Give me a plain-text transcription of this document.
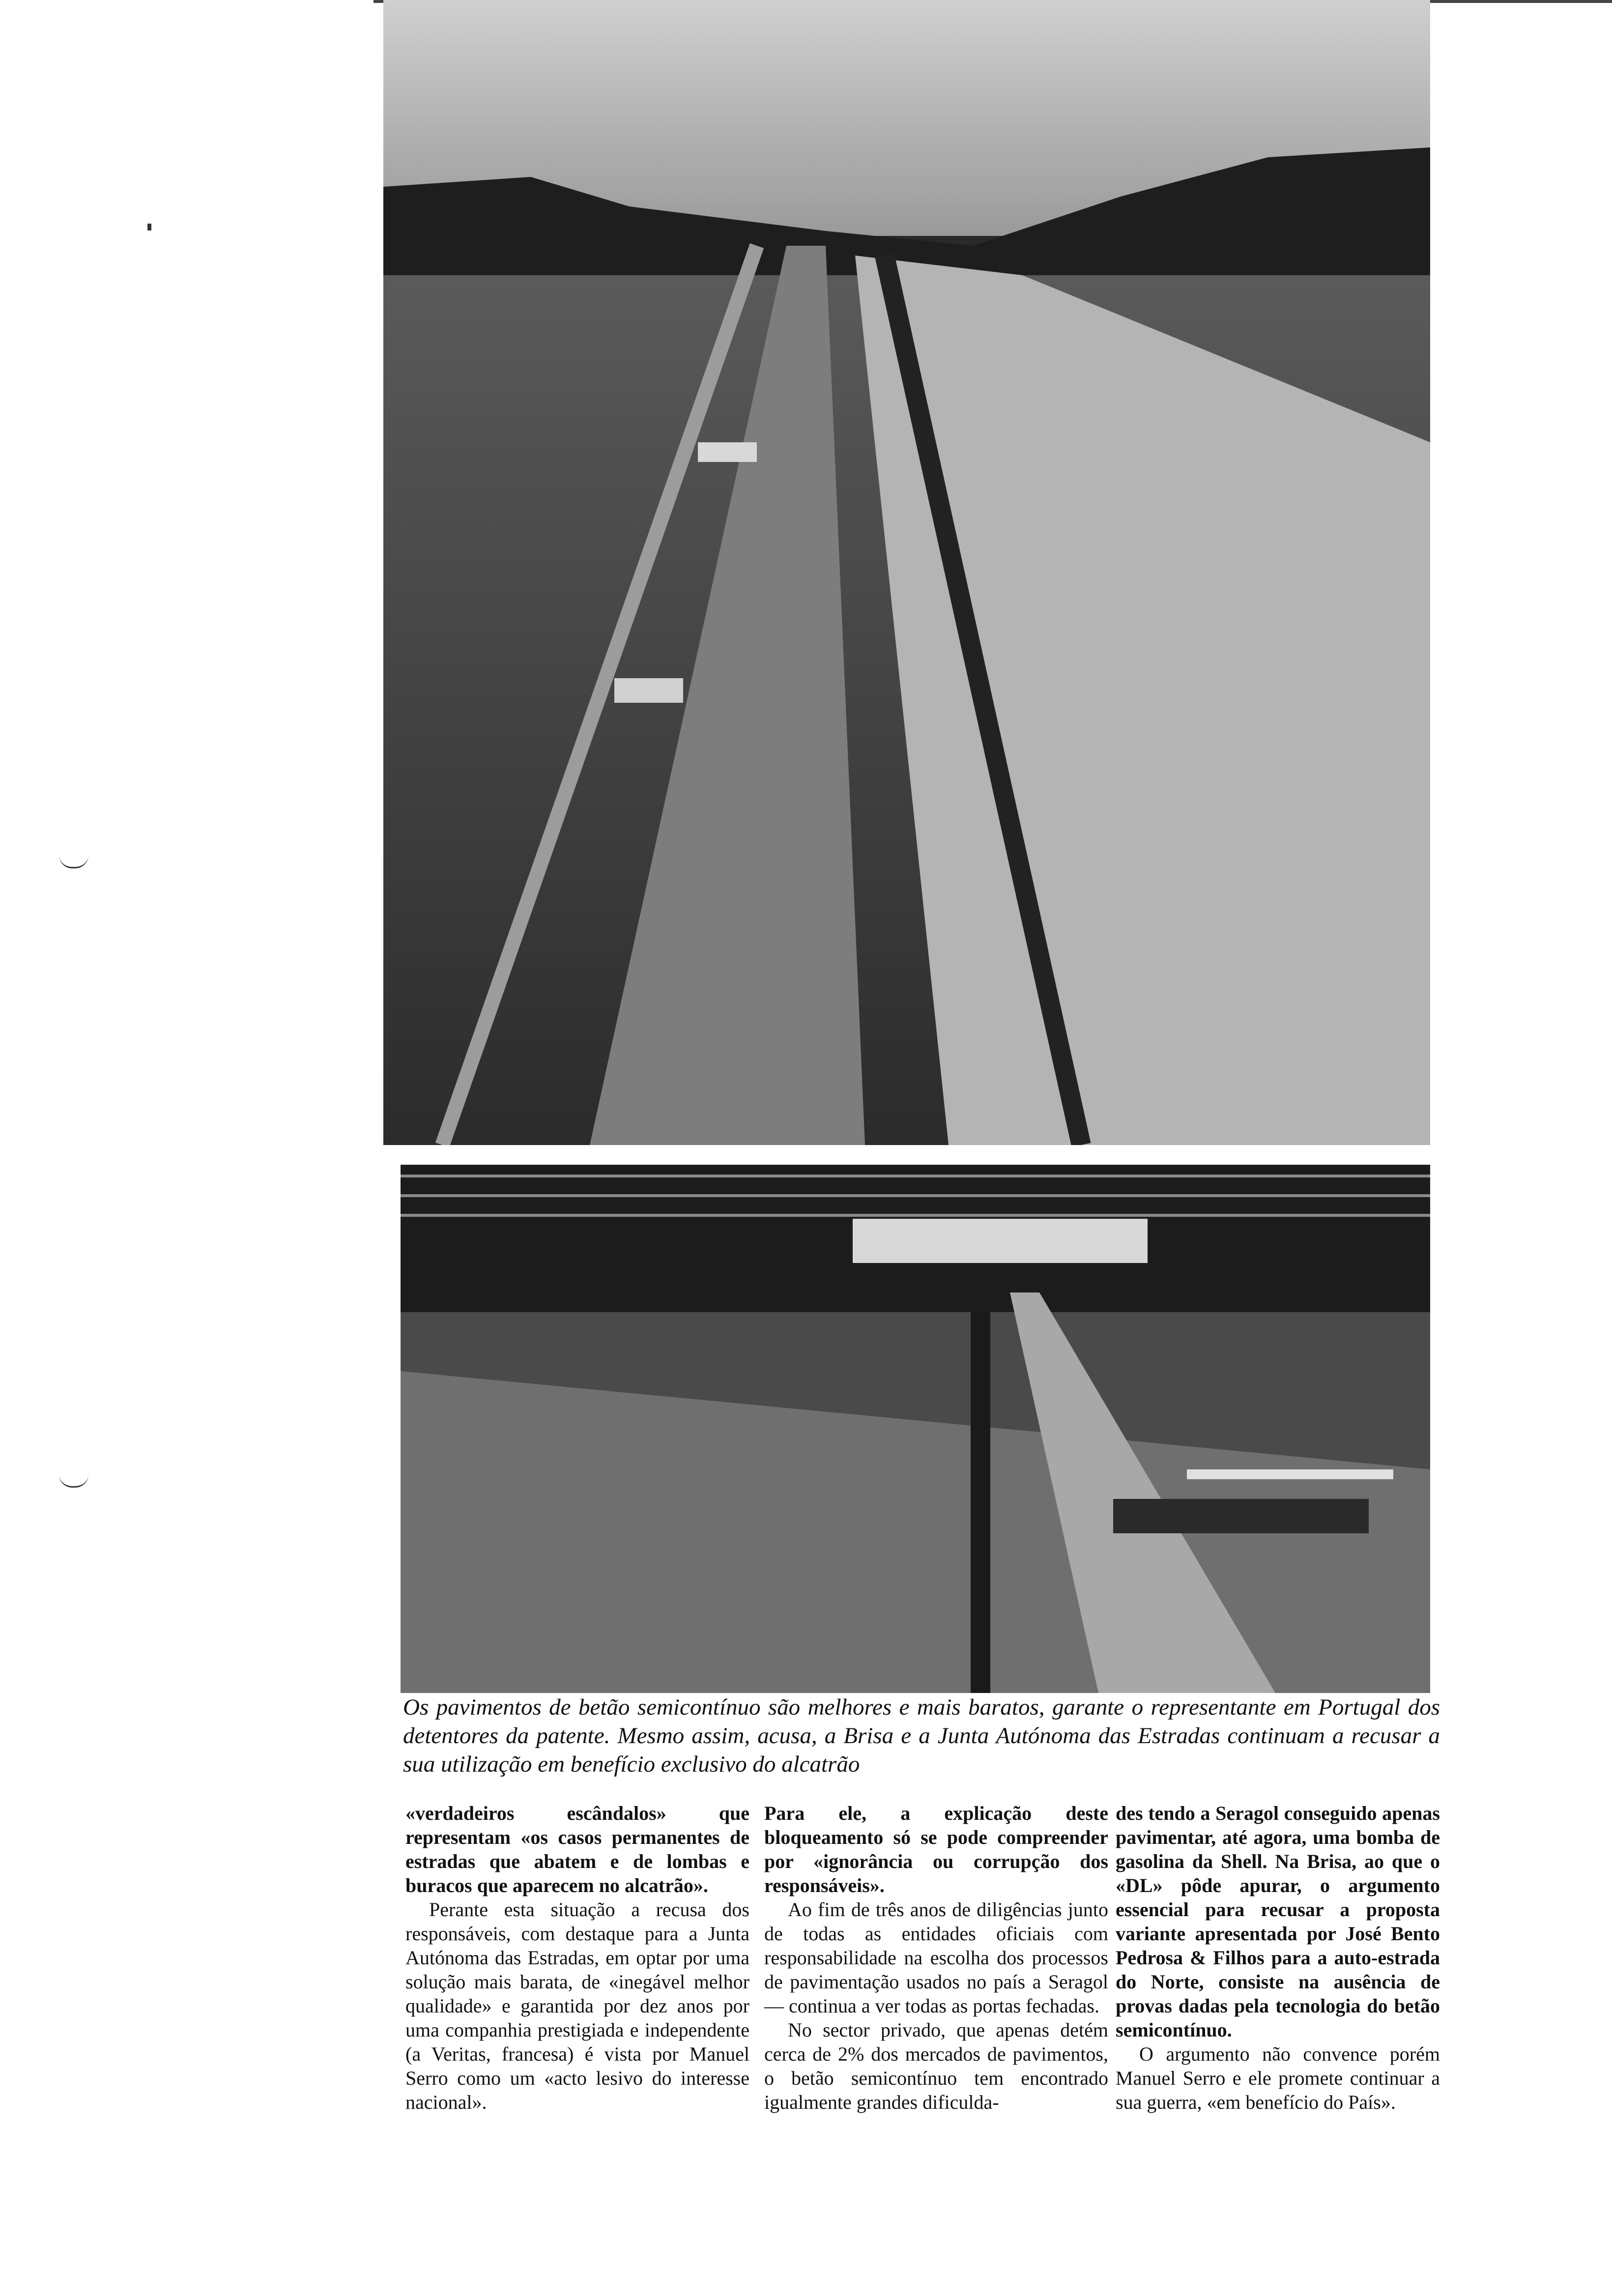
Os pavimentos de betão semicontínuo são melhores e mais baratos, garante o representante em Portugal dos detentores da patente. Mesmo assim, acusa, a Brisa e a Junta Autónoma das Estradas continuam a recusar a sua utilização em benefício exclusivo do alcatrão

«verdadeiros escândalos» que representam «os casos permanentes de estradas que abatem e de lombas e buracos que aparecem no alcatrão».

Perante esta situação a recusa dos responsáveis, com destaque para a Junta Autónoma das Estradas, em optar por uma solução mais barata, de «inegável melhor qualidade» e garantida por dez anos por uma companhia prestigiada e independente (a Veritas, francesa) é vista por Manuel Serro como um «acto lesivo do interesse nacional».

Para ele, a explicação deste bloqueamento só se pode compreender por «ignorância ou corrupção dos responsáveis».

Ao fim de três anos de diligências junto de todas as entidades oficiais com responsabilidade na escolha dos processos de pavimentação usados no país a Seragol — continua a ver todas as portas fechadas.

No sector privado, que apenas detém cerca de 2% dos mercados de pavimentos, o betão semicontínuo tem encontrado igualmente grandes dificulda-

des tendo a Seragol conseguido apenas pavimentar, até agora, uma bomba de gasolina da Shell. Na Brisa, ao que o «DL» pôde apurar, o argumento essencial para recusar a proposta variante apresentada por José Bento Pedrosa & Filhos para a auto-estrada do Norte, consiste na ausência de provas dadas pela tecnologia do betão semicontínuo.

O argumento não convence porém Manuel Serro e ele promete continuar a sua guerra, «em benefício do País».
